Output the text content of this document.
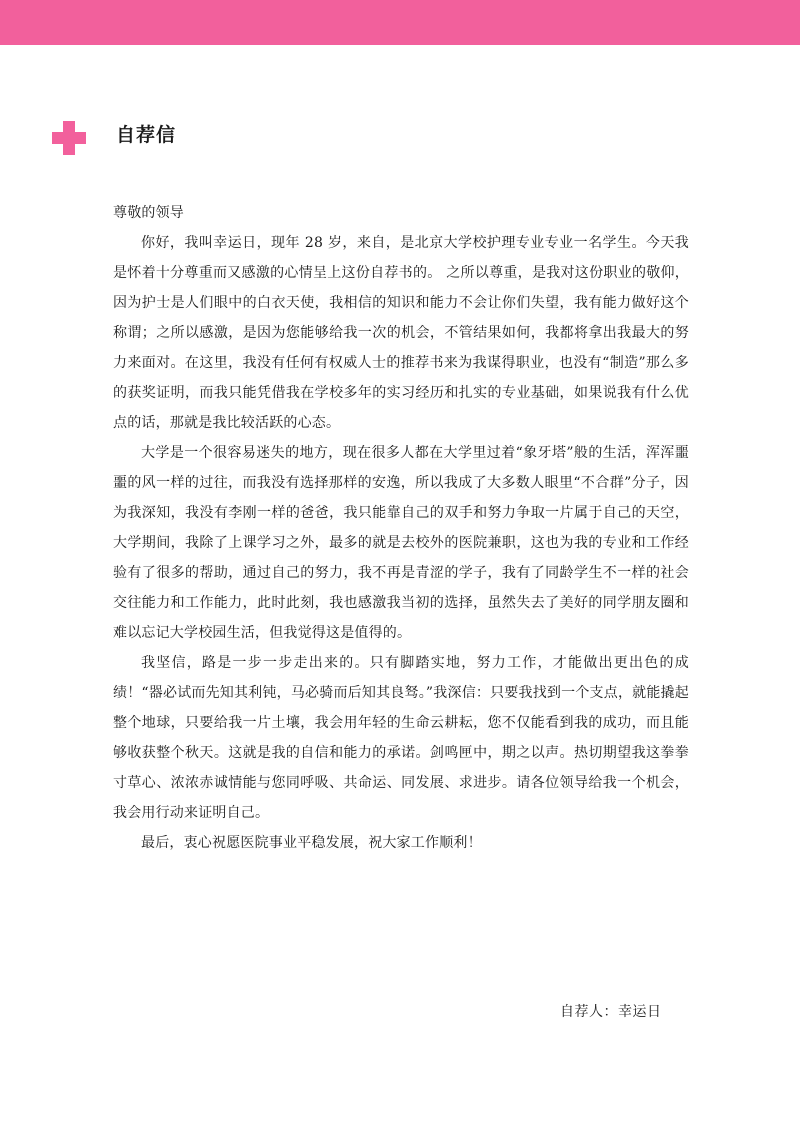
自荐信

尊敬的领导

你好，我叫幸运日，现年 28 岁，来自，是北京大学校护理专业专业一名学生。今天我是怀着十分尊重而又感激的心情呈上这份自荐书的。 之所以尊重，是我对这份职业的敬仰，因为护士是人们眼中的白衣天使，我相信的知识和能力不会让你们失望，我有能力做好这个称谓；之所以感激，是因为您能够给我一次的机会，不管结果如何，我都将拿出我最大的努力来面对。在这里，我没有任何有权威人士的推荐书来为我谋得职业，也没有“制造”那么多的获奖证明，而我只能凭借我在学校多年的实习经历和扎实的专业基础，如果说我有什么优点的话，那就是我比较活跃的心态。

大学是一个很容易迷失的地方，现在很多人都在大学里过着“象牙塔”般的生活，浑浑噩噩的风一样的过往，而我没有选择那样的安逸，所以我成了大多数人眼里“不合群”分子，因为我深知，我没有李刚一样的爸爸，我只能靠自己的双手和努力争取一片属于自己的天空，大学期间，我除了上课学习之外，最多的就是去校外的医院兼职，这也为我的专业和工作经验有了很多的帮助，通过自己的努力，我不再是青涩的学子，我有了同龄学生不一样的社会交往能力和工作能力，此时此刻，我也感激我当初的选择，虽然失去了美好的同学朋友圈和难以忘记大学校园生活，但我觉得这是值得的。

我坚信，路是一步一步走出来的。只有脚踏实地，努力工作，才能做出更出色的成绩！“器必试而先知其利钝，马必骑而后知其良驽。”我深信：只要我找到一个支点，就能撬起整个地球，只要给我一片土壤，我会用年轻的生命云耕耘，您不仅能看到我的成功，而且能够收获整个秋天。这就是我的自信和能力的承诺。剑鸣匣中，期之以声。热切期望我这拳拳寸草心、浓浓赤诚情能与您同呼吸、共命运、同发展、求进步。请各位领导给我一个机会，我会用行动来证明自己。

最后，衷心祝愿医院事业平稳发展，祝大家工作顺利！

自荐人：幸运日
